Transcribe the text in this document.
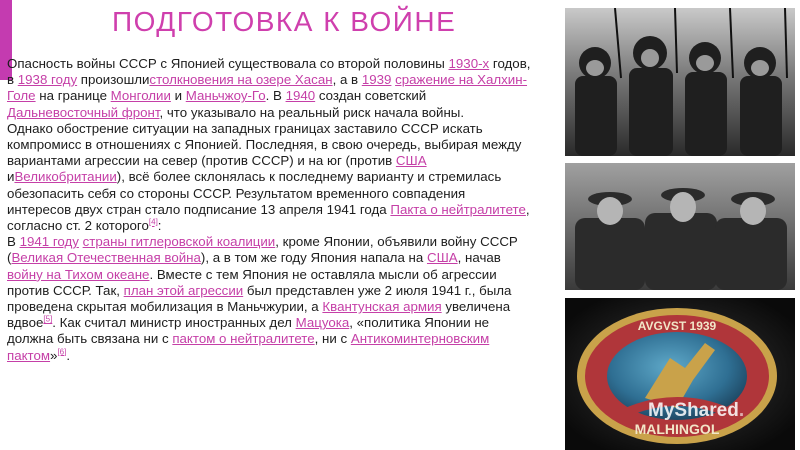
ПОДГОТОВКА К ВОЙНЕ

Опасность войны СССР с Японией существовала со второй половины 1930-х годов, в 1938 году произошлистолкновения на озере Хасан, а в 1939 сражение на Халхин-Голе на границе Монголии и Маньчжоу-Го. В 1940 создан советский Дальневосточный фронт, что указывало на реальный риск начала войны.

Однако обострение ситуации на западных границах заставило СССР искать компромисс в отношениях с Японией. Последняя, в свою очередь, выбирая между вариантами агрессии на север (против СССР) и на юг (против США иВеликобритании), всё более склонялась к последнему варианту и стремилась обезопасить себя со стороны СССР. Результатом временного совпадения интересов двух стран стало подписание 13 апреля 1941 года Пакта о нейтралитете, согласно ст. 2 которого[4]:

В 1941 году страны гитлеровской коалиции, кроме Японии, объявили войну СССР (Великая Отечественная война), а в том же году Япония напала на США, начав войну на Тихом океане. Вместе с тем Япония не оставляла мысли об агрессии против СССР. Так, план этой агрессии был представлен уже 2 июля 1941 г., была проведена скрытая мобилизация в Маньчжурии, а Квантунская армия увеличена вдвое[5]. Как считал министр иностранных дел Мацуока, «политика Японии не должна быть связана ни с пактом о нейтралитете, ни с Антикоминтерновским пактом»[6].

AVGVST 1939
MALHINGOL
MyShared.
